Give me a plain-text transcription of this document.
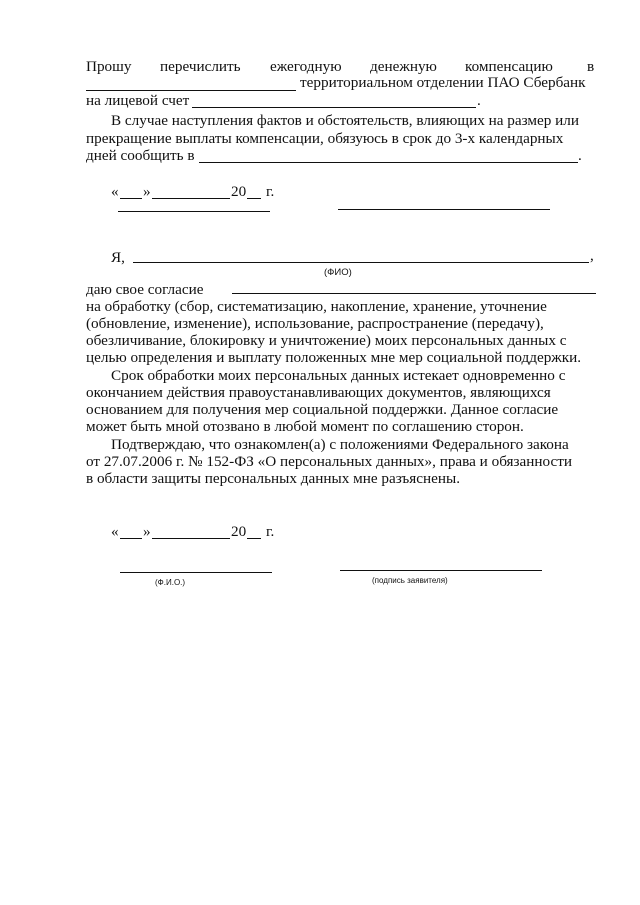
Прошу перечислить ежегодную денежную компенсацию в
территориальном отделении ПАО Сбербанк
на лицевой счет	.
В случае наступления фактов и обстоятельств, влияющих на размер или
прекращение выплаты компенсации, обязуюсь в срок до 3-х календарных
дней сообщить в	.
« »	20 г.
Я,	,
(ФИО)
даю свое согласие
на обработку (сбор, систематизацию, накопление, хранение, уточнение
(обновление, изменение), использование, распространение (передачу),
обезличивание, блокировку и уничтожение) моих персональных данных с
целью определения и выплату положенных мне мер социальной поддержки.
Срок обработки моих персональных данных истекает одновременно с
окончанием действия правоустанавливающих документов, являющихся
основанием для получения мер социальной поддержки. Данное согласие
может быть мной отозвано в любой момент по соглашению сторон.
Подтверждаю, что ознакомлен(а) с положениями Федерального закона
от 27.07.2006 г. № 152-ФЗ «О персональных данных», права и обязанности
в области защиты персональных данных мне разъяснены.
« »	20 г.
(Ф.И.О.)	(подпись заявителя)
